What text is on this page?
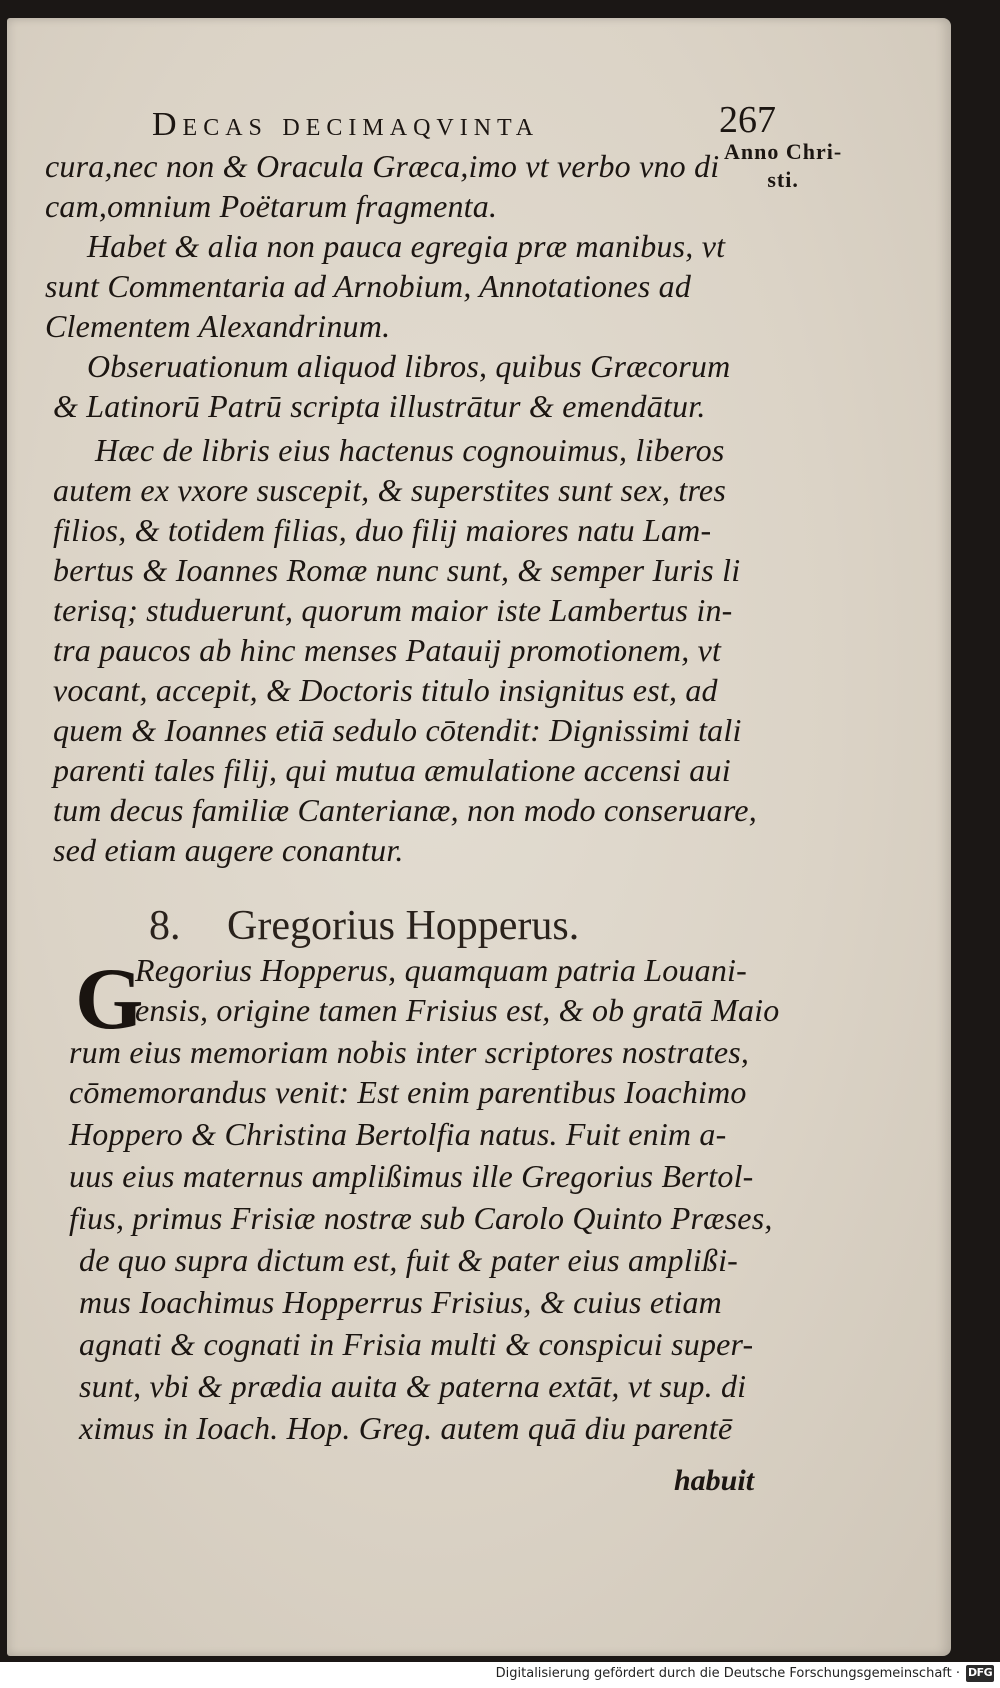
Decas decimaqvinta	267
Anno Chri-
sti.
cura,nec non & Oracula Græca,imo vt verbo vno di
cam,omnium Poëtarum fragmenta.
Habet & alia non pauca egregia præ manibus, vt
sunt Commentaria ad Arnobium, Annotationes ad
Clementem Alexandrinum.
Obseruationum aliquod libros, quibus Græcorum
& Latinorū Patrū scripta illustrātur & emendātur.
Hæc de libris eius hactenus cognouimus, liberos
autem ex vxore suscepit, & superstites sunt sex, tres
filios, & totidem filias, duo filij maiores natu Lam-
bertus & Ioannes Romæ nunc sunt, & semper Iuris li
terisq; studuerunt, quorum maior iste Lambertus in-
tra paucos ab hinc menses Patauij promotionem, vt
vocant, accepit, & Doctoris titulo insignitus est, ad
quem & Ioannes etiā sedulo cōtendit: Dignissimi tali
parenti tales filij, qui mutua æmulatione accensi aui
tum decus familiæ Canterianæ, non modo conseruare,
sed etiam augere conantur.
8. Gregorius Hopperus.
G
Regorius Hopperus, quamquam patria Louani-
ensis, origine tamen Frisius est, & ob gratā Maio
rum eius memoriam nobis inter scriptores nostrates,
cōmemorandus venit: Est enim parentibus Ioachimo
Hoppero & Christina Bertolfia natus. Fuit enim a-
uus eius maternus amplißimus ille Gregorius Bertol-
fius, primus Frisiæ nostræ sub Carolo Quinto Præses,
de quo supra dictum est, fuit & pater eius amplißi-
mus Ioachimus Hopperrus Frisius, & cuius etiam
agnati & cognati in Frisia multi & conspicui super-
sunt, vbi & prædia auita & paterna extāt, vt sup. di
ximus in Ioach. Hop. Greg. autem quā diu parentē
habuit
Digitalisierung gefördert durch die Deutsche Forschungsgemeinschaft · DFG
